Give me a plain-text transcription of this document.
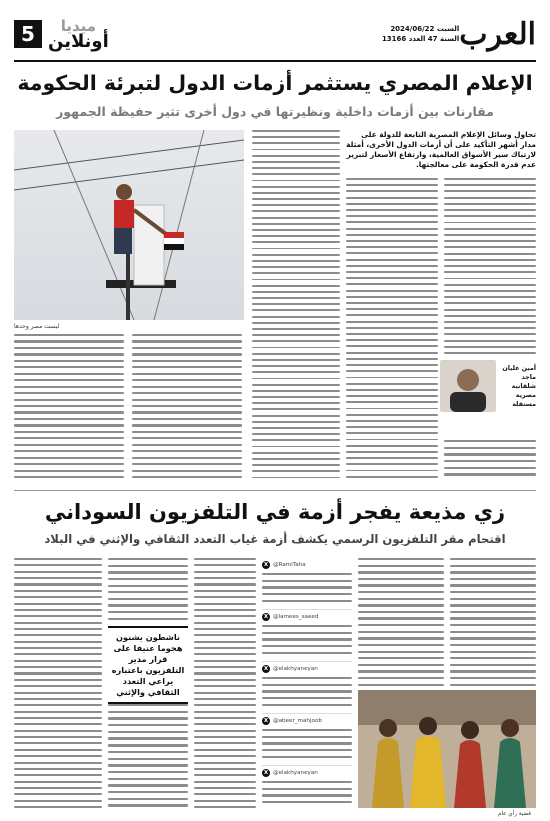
العرب
السبت 2024/06/22
السنة 47 العدد 13166
ميديا
أونلاين
5
الإعلام المصري يستثمر أزمات الدول لتبرئة الحكومة
مقارنات بين أزمات داخلية ونظيرتها في دول أخرى تثير حفيظة الجمهور
تحاول وسائل الإعلام المصرية التابعة للدولة على مدار أشهر التأكيد على أن أزمات الدول الأخرى، أمثلة لارتباك سير الأسواق العالمية، وارتفاع الأسعار لتبرير عدم قدرة الحكومة على معالجتها.
ليست مصر وحدها
أمين عليان ماجد شلقانية مصرية مستقلة
زي مذيعة يفجر أزمة في التلفزيون السوداني
اقتحام مقر التلفزيون الرسمي يكشف أزمة غياب التعدد الثقافي والإثني في البلاد
X @RamiTaha
X @lamees_saeed
X @elakhyaneyan
X @abeer_mahjoob
X @elakhyaneyan
ناشطون يشنون هجوما عنيفا على قرار مدير التلفزيون باعتباره يراعي التعدد الثقافي والإثني
قضية رأي عام
